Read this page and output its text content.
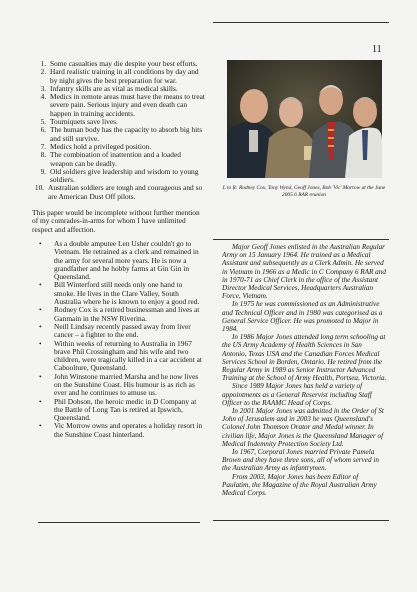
11
1. Some casualties may die despite your best efforts.
2. Hard realistic training in all conditions by day and by night gives the best preparation for war.
3. Infantry skills are as vital as medical skills.
4. Medics in remote areas must have the means to treat severe pain. Serious injury and even death can happen in training accidents.
5. Tourniquets save lives.
6. The human body has the capacity to absorb big hits and still survive.
7. Medics hold a privileged position.
8. The combination of inattention and a loaded weapon can be deadly.
9. Old soldiers give leadership and wisdom to young soldiers.
10. Australian soldiers are tough and courageous and so are American Dust Off pilots.

This paper would be incomplete without further mention of my comrades-in-arms for whom I have unlimited respect and affection.

• As a double amputee Len Usher couldn't go to Vietnam. He retrained as a clerk and remained in the army for several more years. He is now a grandfather and he hobby farms at Gin Gin in Queensland.
• Bill Winterford still needs only one hand to smoke. He lives in the Clare Valley, South Australia where he is known to enjoy a good red.
• Rodney Cox is a retired businessman and lives at Ganmain in the NSW Riverina.
• Neill Lindsay recently passed away from liver cancer – a fighter to the end.
• Within weeks of returning to Australia in 1967 brave Phil Crossingham and his wife and two children, were tragically killed in a car accident at Caboolture, Queensland.
• John Winstone married Marsha and he now lives on the Sunshine Coast. His humour is as rich as ever and he continues to amuse us.
• Phil Dobson, the heroic medic in D Company at the Battle of Long Tan is retired at Ipswich, Queensland.
• Vic Morrow owns and operates a holiday resort in the Sunshine Coast hinterland.
L to R: Rodney Cox, Tony Wynd, Geoff Jones, Bob 'Vic' Morrow at the June 2005 6 RAR reunion

Major Geoff Jones enlisted in the Australian Regular Army on 15 January 1964. He trained as a Medical Assistant and subsequently as a Clerk Admin. He served in Vietnam in 1966 as a Medic in C Company 6 RAR and in 1970-71 as Chief Clerk in the office of the Assistant Director Medical Services, Headquarters Australian Force, Vietnam.

In 1975 he was commissioned as an Administrative and Technical Officer and in 1980 was categorised as a General Service Officer. He was promoted to Major in 1984.

In 1986 Major Jones attended long term schooling at the US Army Academy of Health Sciences in San Antonio, Texas USA and the Canadian Forces Medical Services School in Borden, Ontario. He retired from the Regular Army in 1989 as Senior Instructor Advanced Training at the School of Army Health, Portsea, Victoria.

Since 1989 Major Jones has held a variety of appointments as a General Reservist including Staff Officer to the RAAMC Head of Corps.

In 2001 Major Jones was admitted in the Order of St John of Jerusalem and in 2003 he was Queensland's Colonel John Thomson Orator and Medal winner. In civilian life, Major Jones is the Queensland Manager of Medical Indemnity Protection Society Ltd.

In 1967, Corporal Jones married Private Pamela Brown and they have three sons, all of whom served in the Australian Army as infantrymen.

From 2003, Major Jones has been Editor of Paulatim, the Magazine of the Royal Australian Army Medical Corps.
